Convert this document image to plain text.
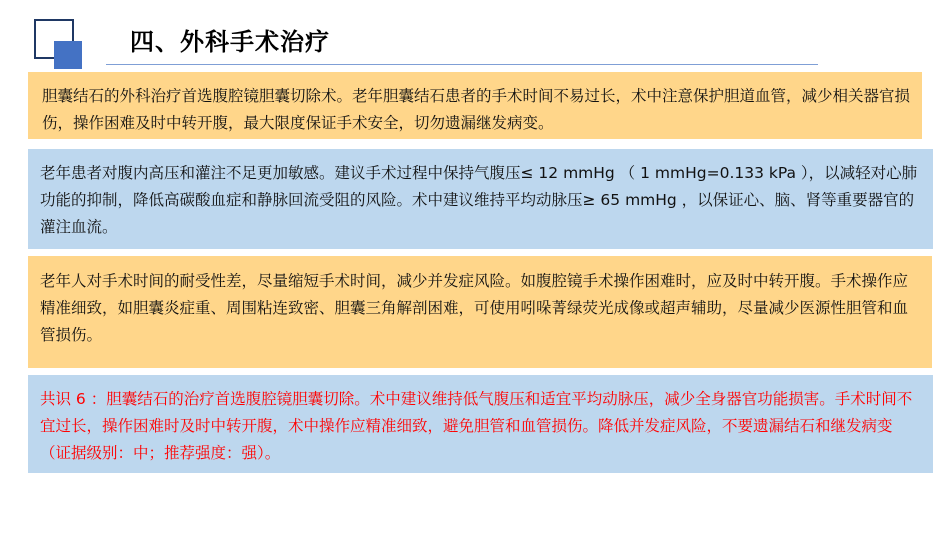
四、外科手术治疗

胆囊结石的外科治疗首选腹腔镜胆囊切除术。老年胆囊结石患者的手术时间不易过长，术中注意保护胆道血管，减少相关器官损伤，操作困难及时中转开腹，最大限度保证手术安全，切勿遗漏继发病变。

老年患者对腹内高压和灌注不足更加敏感。建议手术过程中保持气腹压≤ 12 mmHg （ 1 mmHg=0.133 kPa ），以减轻对心肺功能的抑制，降低高碳酸血症和静脉回流受阻的风险。术中建议维持平均动脉压≥ 65 mmHg ，以保证心、脑、肾等重要器官的灌注血流。

老年人对手术时间的耐受性差，尽量缩短手术时间，减少并发症风险。如腹腔镜手术操作困难时，应及时中转开腹。手术操作应精准细致，如胆囊炎症重、周围粘连致密、胆囊三角解剖困难，可使用吲哚菁绿荧光成像或超声辅助，尽量减少医源性胆管和血管损伤。

共识 6 ：胆囊结石的治疗首选腹腔镜胆囊切除。术中建议维持低气腹压和适宜平均动脉压，减少全身器官功能损害。手术时间不宜过长，操作困难时及时中转开腹，术中操作应精准细致，避免胆管和血管损伤。降低并发症风险，不要遗漏结石和继发病变（证据级别：中；推荐强度：强）。
